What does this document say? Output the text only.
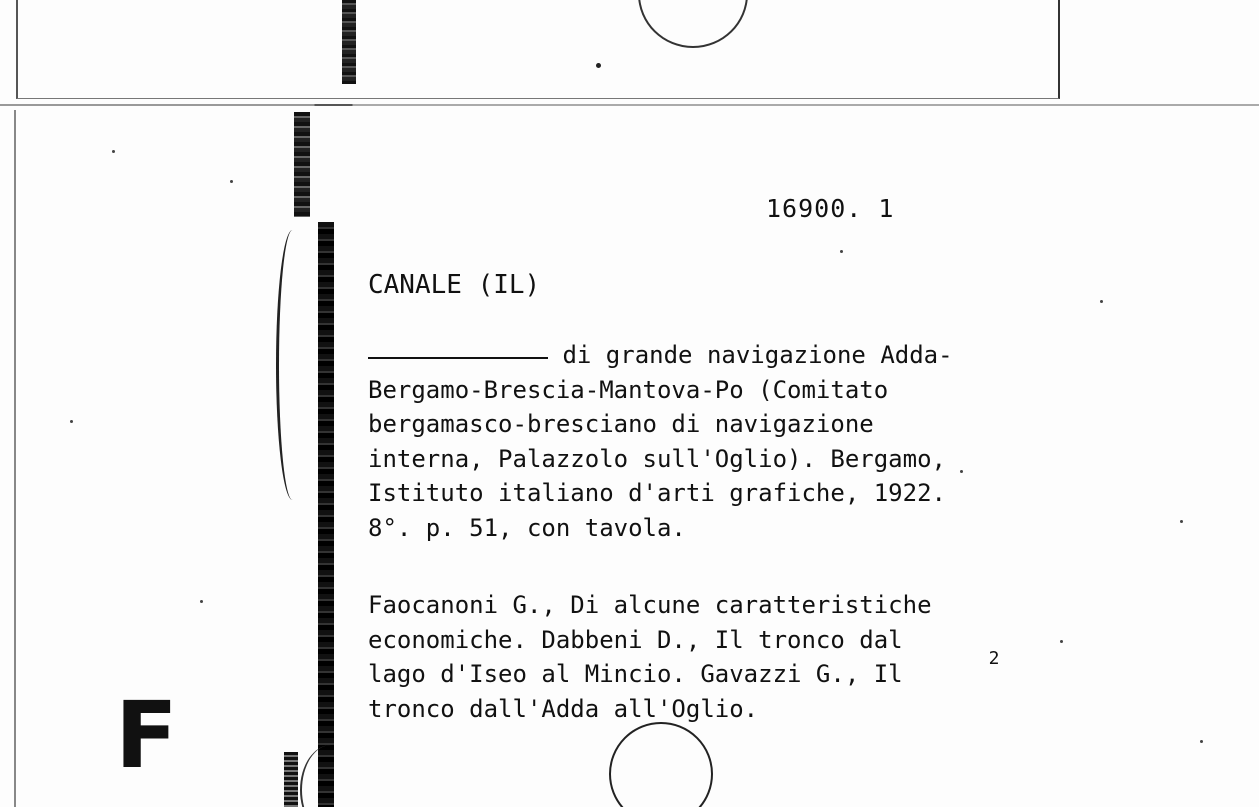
F
16900. 1
CANALE (IL)
di grande navigazione Adda-
Bergamo-Brescia-Mantova-Po (Comitato
bergamasco-bresciano di navigazione
interna, Palazzolo sull'Oglio). Bergamo,
Istituto italiano d'arti grafiche, 1922.
8°. p. 51, con tavola.
Faocanoni G., Di alcune caratteristiche
economiche. Dabbeni D., Il tronco dal
lago d'Iseo al Mincio. Gavazzi G., Il
tronco dall'Adda all'Oglio.
2
